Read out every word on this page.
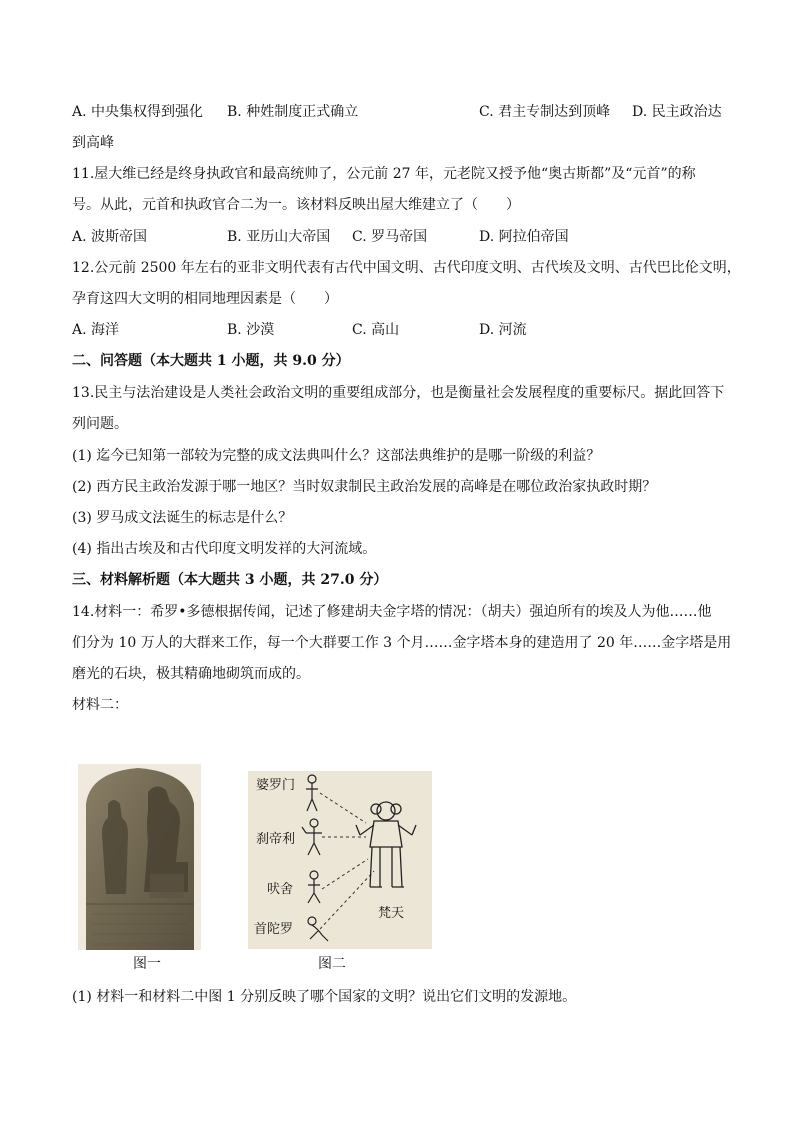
A. 中央集权得到强化 B. 种姓制度正式确立	C. 君主专制达到顶峰 D. 民主政治达
到高峰
11.屋大维已经是终身执政官和最高统帅了，公元前 27 年，元老院又授予他“奥古斯都”及“元首”的称
号。从此，元首和执政官合二为一。该材料反映出屋大维建立了（　　）
A. 波斯帝国	B. 亚历山大帝国 C. 罗马帝国	D. 阿拉伯帝国
12.公元前 2500 年左右的亚非文明代表有古代中国文明、古代印度文明、古代埃及文明、古代巴比伦文明，
孕育这四大文明的相同地理因素是（　　）
A. 海洋	B. 沙漠	C. 高山	D. 河流
二、问答题（本大题共 1 小题，共 9.0 分）
13.民主与法治建设是人类社会政治文明的重要组成部分，也是衡量社会发展程度的重要标尺。据此回答下
列问题。
(1) 迄今已知第一部较为完整的成文法典叫什么？这部法典维护的是哪一阶级的利益？
(2) 西方民主政治发源于哪一地区？当时奴隶制民主政治发展的高峰是在哪位政治家执政时期？
(3) 罗马成文法诞生的标志是什么？
(4) 指出古埃及和古代印度文明发祥的大河流域。
三、材料解析题（本大题共 3 小题，共 27.0 分）
14.材料一：希罗•多德根据传闻，记述了修建胡夫金字塔的情况：（胡夫）强迫所有的埃及人为他……他
们分为 10 万人的大群来工作，每一个大群要工作 3 个月……金字塔本身的建造用了 20 年……金字塔是用
磨光的石块，极其精确地砌筑而成的。
材料二：
图一
婆罗门
刹帝利
吠舍
首陀罗
梵天
图二
(1) 材料一和材料二中图 1 分别反映了哪个国家的文明？说出它们文明的发源地。
